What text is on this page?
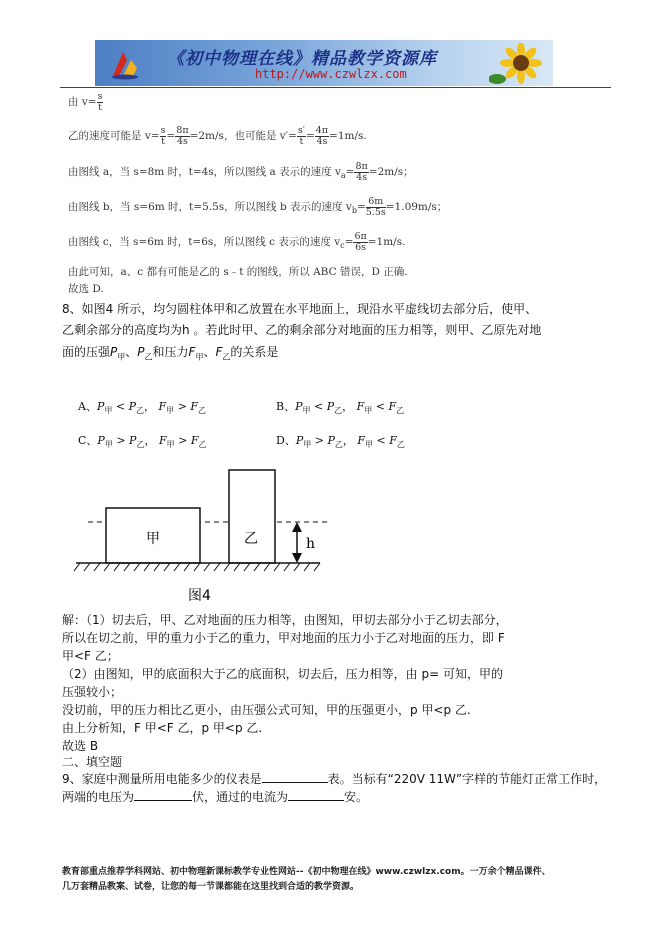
《初中物理在线》精品教学资源库
http://www.czwlzx.com
由 $v= \frac{s}{t}$
乙的速度可能是 $v= \frac{s}{t} = \frac{8\pi}{4s} =2m/s$，也可能是 $v'= \frac{s'}{t} = \frac{4\pi}{4s} =1m/s$.
由图线 a，当 s=8m 时，t=4s，所以图线 a 表示的速度 $v_a= \frac{8\pi}{4s} =2m/s$；
由图线 b，当 s=6m 时，t=5.5s，所以图线 b 表示的速度 $v_b= \frac{6m}{5.5s} =1.09m/s$；
由图线 c，当 s=6m 时，t=6s，所以图线 c 表示的速度 $v_c= \frac{6\pi}{6s} =1m/s$.
由此可知，a、c 都有可能是乙的 s﹣t 的图线，所以 ABC 错误，D 正确.
故选 D.
8、如图4 所示，均匀圆柱体甲和乙放置在水平地面上，现沿水平虚线切去部分后，使甲、
乙剩余部分的高度均为h 。若此时甲、乙的剩余部分对地面的压力相等，则甲、乙原先对地
面的压强$P_甲$、$P_乙$和压力$F_甲$、$F_乙$的关系是
A、$P_甲 < P_乙$， $F_甲 > F_乙$	B、$P_甲 < P_乙$， $F_甲 < F_乙$
C、$P_甲 > P_乙$， $F_甲 > F_乙$	D、$P_甲 > P_乙$， $F_甲 < F_乙$
h
甲	乙
图4
解：（1）切去后，甲、乙对地面的压力相等，由图知，甲切去部分小于乙切去部分，
所以在切之前，甲的重力小于乙的重力，甲对地面的压力小于乙对地面的压力，即 F
甲<F 乙；
（2）由图知，甲的底面积大于乙的底面积，切去后，压力相等，由 p= 可知，甲的
压强较小；
没切前，甲的压力相比乙更小，由压强公式可知，甲的压强更小，p 甲<p 乙.
由上分析知，F 甲<F 乙，p 甲<p 乙.
故选 B
二、填空题
9、家庭中测量所用电能多少的仪表是	表。当标有“220V 11W”字样的节能灯正常工作时，
两端的电压为	伏，通过的电流为	安。
教育部重点推荐学科网站、初中物理新课标教学专业性网站--《初中物理在线》www.czwlzx.com。一万余个精品课件、
几万套精品教案、试卷，让您的每一节课都能在这里找到合适的教学资源。
